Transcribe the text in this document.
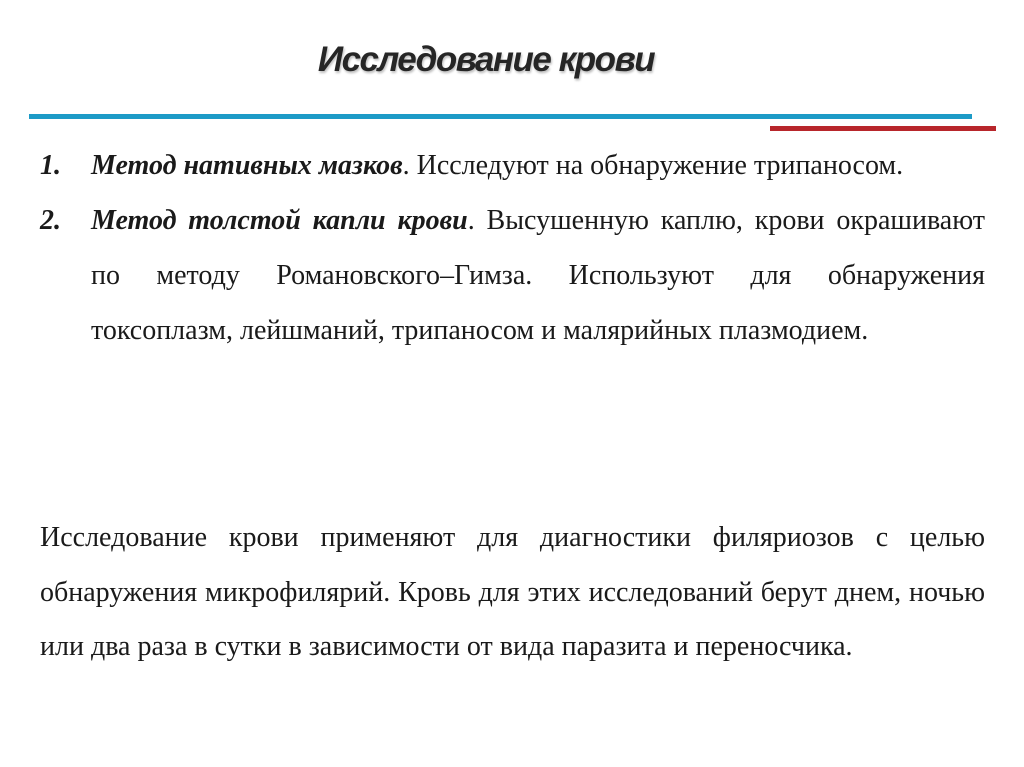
Исследование крови
1. Метод нативных мазков. Исследуют на обнаружение трипаносом.
2. Метод толстой капли крови. Высушенную каплю, крови окрашивают по методу Романовского–Гимза. Используют для обнаружения токсоплазм, лейшманий, трипаносом и малярийных плазмодием.

Исследование крови применяют для диагностики филяриозов с целью обнаружения микрофилярий. Кровь для этих исследований берут днем, ночью или два раза в сутки в зависимости от вида паразита и переносчика.
